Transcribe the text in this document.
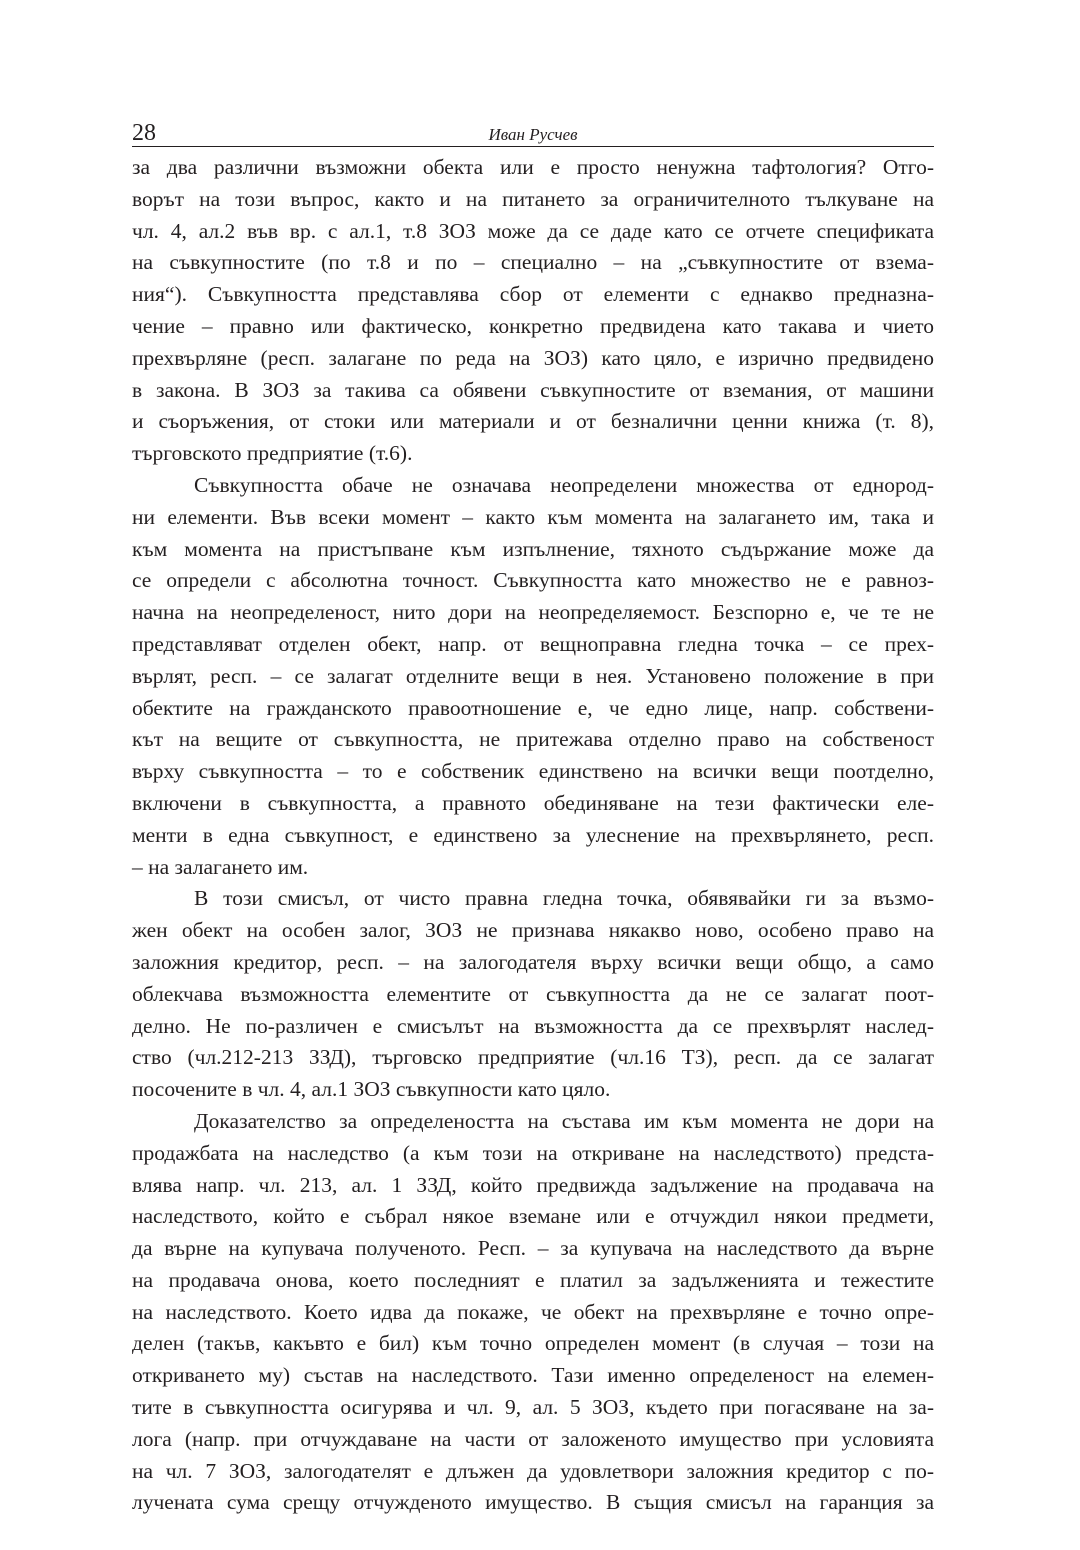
28	Иван Русчев
за два различни възможни обекта или е просто ненужна тафтология? Отго-
ворът на този въпрос, както и на питането за ограничителното тълкуване на
чл. 4, ал.2 във вр. с ал.1, т.8 ЗОЗ може да се даде като се отчете спецификата
на съвкупностите (по т.8 и по – специално – на „съвкупностите от взема-
ния“). Съвкупността представлява сбор от елементи с еднакво предназна-
чение – правно или фактическо, конкретно предвидена като такава и чието
прехвърляне (респ. залагане по реда на ЗОЗ) като цяло, е изрично предвидено
в закона. В ЗОЗ за такива са обявени съвкупностите от вземания, от машини
и съоръжения, от стоки или материали и от безналични ценни книжа (т. 8),
търговското предприятие (т.6).
Съвкупността обаче не означава неопределени множества от еднород-
ни елементи. Във всеки момент – както към момента на залагането им, така и
към момента на пристъпване към изпълнение, тяхното съдържание може да
се определи с абсолютна точност. Съвкупността като множество не е равноз-
начна на неопределеност, нито дори на неопределяемост. Безспорно е, че те не
представляват отделен обект, напр. от вещноправна гледна точка – се прех-
върлят, респ. – се залагат отделните вещи в нея. Установено положение в при
обектите на гражданското правоотношение е, че едно лице, напр. собствени-
кът на вещите от съвкупността, не притежава отделно право на собственост
върху съвкупността – то е собственик единствено на всички вещи поотделно,
включени в съвкупността, а правното обединяване на тези фактически еле-
менти в една съвкупност, е единствено за улеснение на прехвърлянето, респ.
– на залагането им.
В този смисъл, от чисто правна гледна точка, обявявайки ги за възмо-
жен обект на особен залог, ЗОЗ не признава някакво ново, особено право на
заложния кредитор, респ. – на залогодателя върху всички вещи общо, а само
облекчава възможността елементите от съвкупността да не се залагат поот-
делно. Не по-различен е смисълът на възможността да се прехвърлят наслед-
ство (чл.212-213 ЗЗД), търговско предприятие (чл.16 ТЗ), респ. да се залагат
посочените в чл. 4, ал.1 ЗОЗ съвкупности като цяло.
Доказателство за определеността на състава им към момента не дори на
продажбата на наследство (а към този на откриване на наследството) предста-
влява напр. чл. 213, ал. 1 ЗЗД, който предвижда задължение на продавача на
наследството, който е събрал някое вземане или е отчуждил някои предмети,
да върне на купувача полученото. Респ. – за купувача на наследството да върне
на продавача онова, което последният е платил за задълженията и тежестите
на наследството. Което идва да покаже, че обект на прехвърляне е точно опре-
делен (такъв, какъвто е бил) към точно определен момент (в случая – този на
откриването му) състав на наследството. Тази именно определеност на елемен-
тите в съвкупността осигурява и чл. 9, ал. 5 ЗОЗ, където при погасяване на за-
лога (напр. при отчуждаване на части от заложеното имущество при условията
на чл. 7 ЗОЗ, залогодателят е длъжен да удовлетвори заложния кредитор с по-
лучената сума срещу отчужденото имущество. В същия смисъл на гаранция за
